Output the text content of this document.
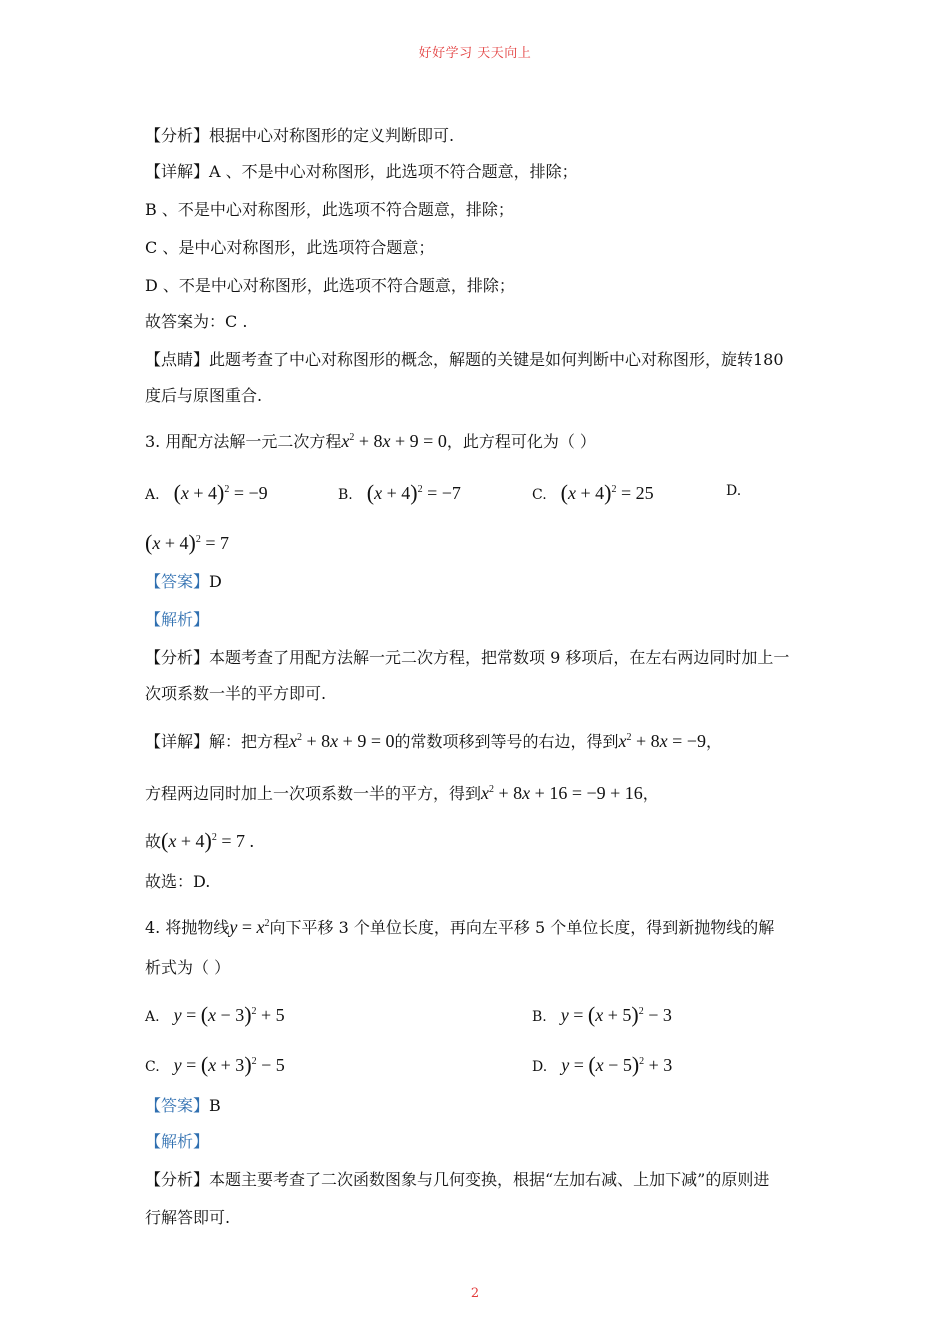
好好学习 天天向上
【分析】根据中心对称图形的定义判断即可.
【详解】A 、不是中心对称图形，此选项不符合题意，排除；
B 、不是中心对称图形，此选项不符合题意，排除；
C 、是中心对称图形，此选项符合题意；
D 、不是中心对称图形，此选项不符合题意，排除；
故答案为：C .
【点睛】此题考查了中心对称图形的概念，解题的关键是如何判断中心对称图形，旋转180
度后与原图重合.
3. 用配方法解一元二次方程$x^2 + 8x + 9 = 0$，此方程可化为（ ）
A. $(x + 4)^2 = -9$	B. $(x + 4)^2 = -7$	C. $(x + 4)^2 = 25$	D.
$(x + 4)^2 = 7$
【答案】D
【解析】
【分析】本题考查了用配方法解一元二次方程，把常数项 9 移项后，在左右两边同时加上一
次项系数一半的平方即可.
【详解】解：把方程$x^2 + 8x + 9 = 0$的常数项移到等号的右边，得到$x^2 + 8x = -9$，
方程两边同时加上一次项系数一半的平方，得到$x^2 + 8x + 16 = -9 + 16$，
故$(x + 4)^2 = 7$ .
故选：D.
4. 将抛物线$y = x^2$向下平移 3 个单位长度，再向左平移 5 个单位长度，得到新抛物线的解
析式为（ ）
A. $y = (x - 3)^2 + 5$	B. $y = (x + 5)^2 - 3$
C. $y = (x + 3)^2 - 5$	D. $y = (x - 5)^2 + 3$
【答案】B
【解析】
【分析】本题主要考查了二次函数图象与几何变换，根据“左加右减、上加下减”的原则进
行解答即可.
2
